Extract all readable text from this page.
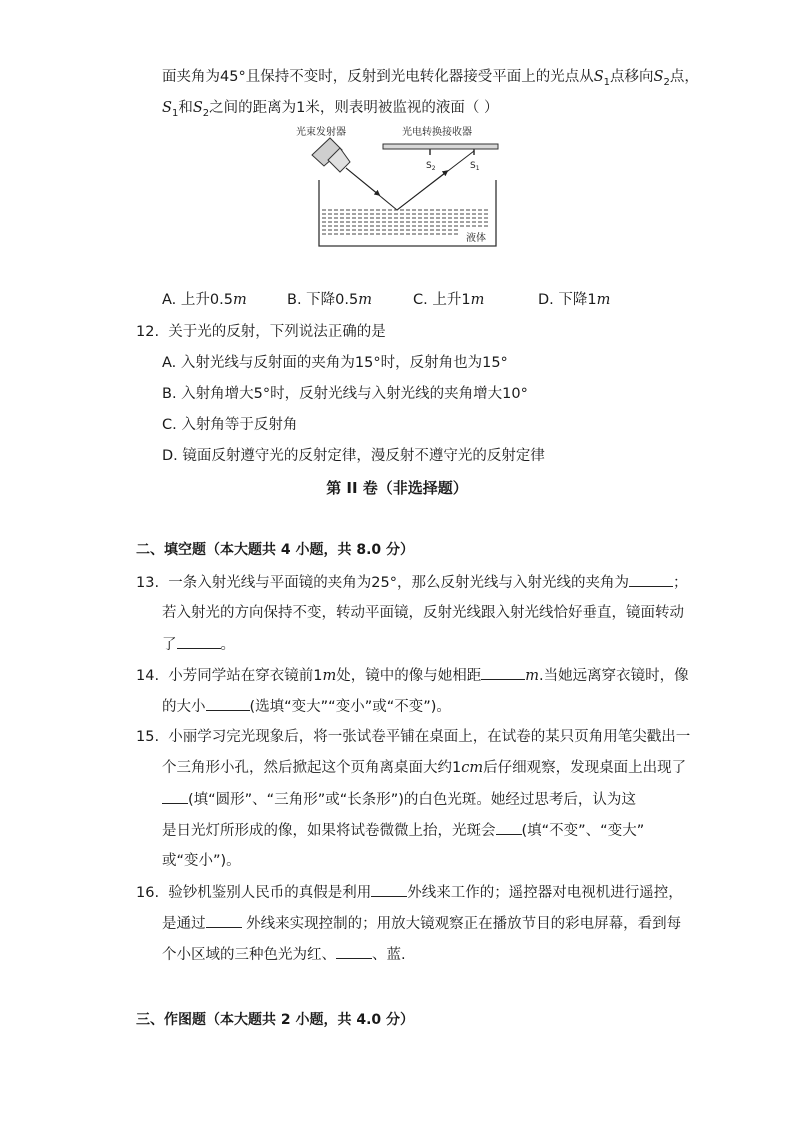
面夹角为45°且保持不变时，反射到光电转化器接受平面上的光点从$S_1$点移向$S_2$点，
$S_1$和$S_2$之间的距离为1米，则表明被监视的液面（ ）
光束发射器	光电转换接收器
$S_2$	$S_1$
液体
A. 上升0.5m	B. 下降0.5m	C. 上升1m	D. 下降1m
12. 关于光的反射，下列说法正确的是
A. 入射光线与反射面的夹角为15°时，反射角也为15°
B. 入射角增大5°时，反射光线与入射光线的夹角增大10°
C. 入射角等于反射角
D. 镜面反射遵守光的反射定律，漫反射不遵守光的反射定律
第 II 卷（非选择题）
二、填空题（本大题共 4 小题，共 8.0 分）
13. 一条入射光线与平面镜的夹角为25°，那么反射光线与入射光线的夹角为	；
若入射光的方向保持不变，转动平面镜，反射光线跟入射光线恰好垂直，镜面转动
了	。
14. 小芳同学站在穿衣镜前1m处，镜中的像与她相距	m.当她远离穿衣镜时，像
的大小	(选填“变大”“变小”或“不变”)。
15. 小丽学习完光现象后，将一张试卷平铺在桌面上，在试卷的某只页角用笔尖戳出一
个三角形小孔，然后掀起这个页角离桌面大约1cm后仔细观察，发现桌面上出现了
(填“圆形”、“三角形”或“长条形”)的白色光斑。她经过思考后，认为这
是日光灯所形成的像，如果将试卷微微上抬，光斑会 (填“不变”、“变大”
或“变小”)。
16. 验钞机鉴别人民币的真假是利用 外线来工作的；遥控器对电视机进行遥控，
是通过 外线来实现控制的；用放大镜观察正在播放节目的彩电屏幕，看到每
个小区域的三种色光为红、 、蓝.
三、作图题（本大题共 2 小题，共 4.0 分）
